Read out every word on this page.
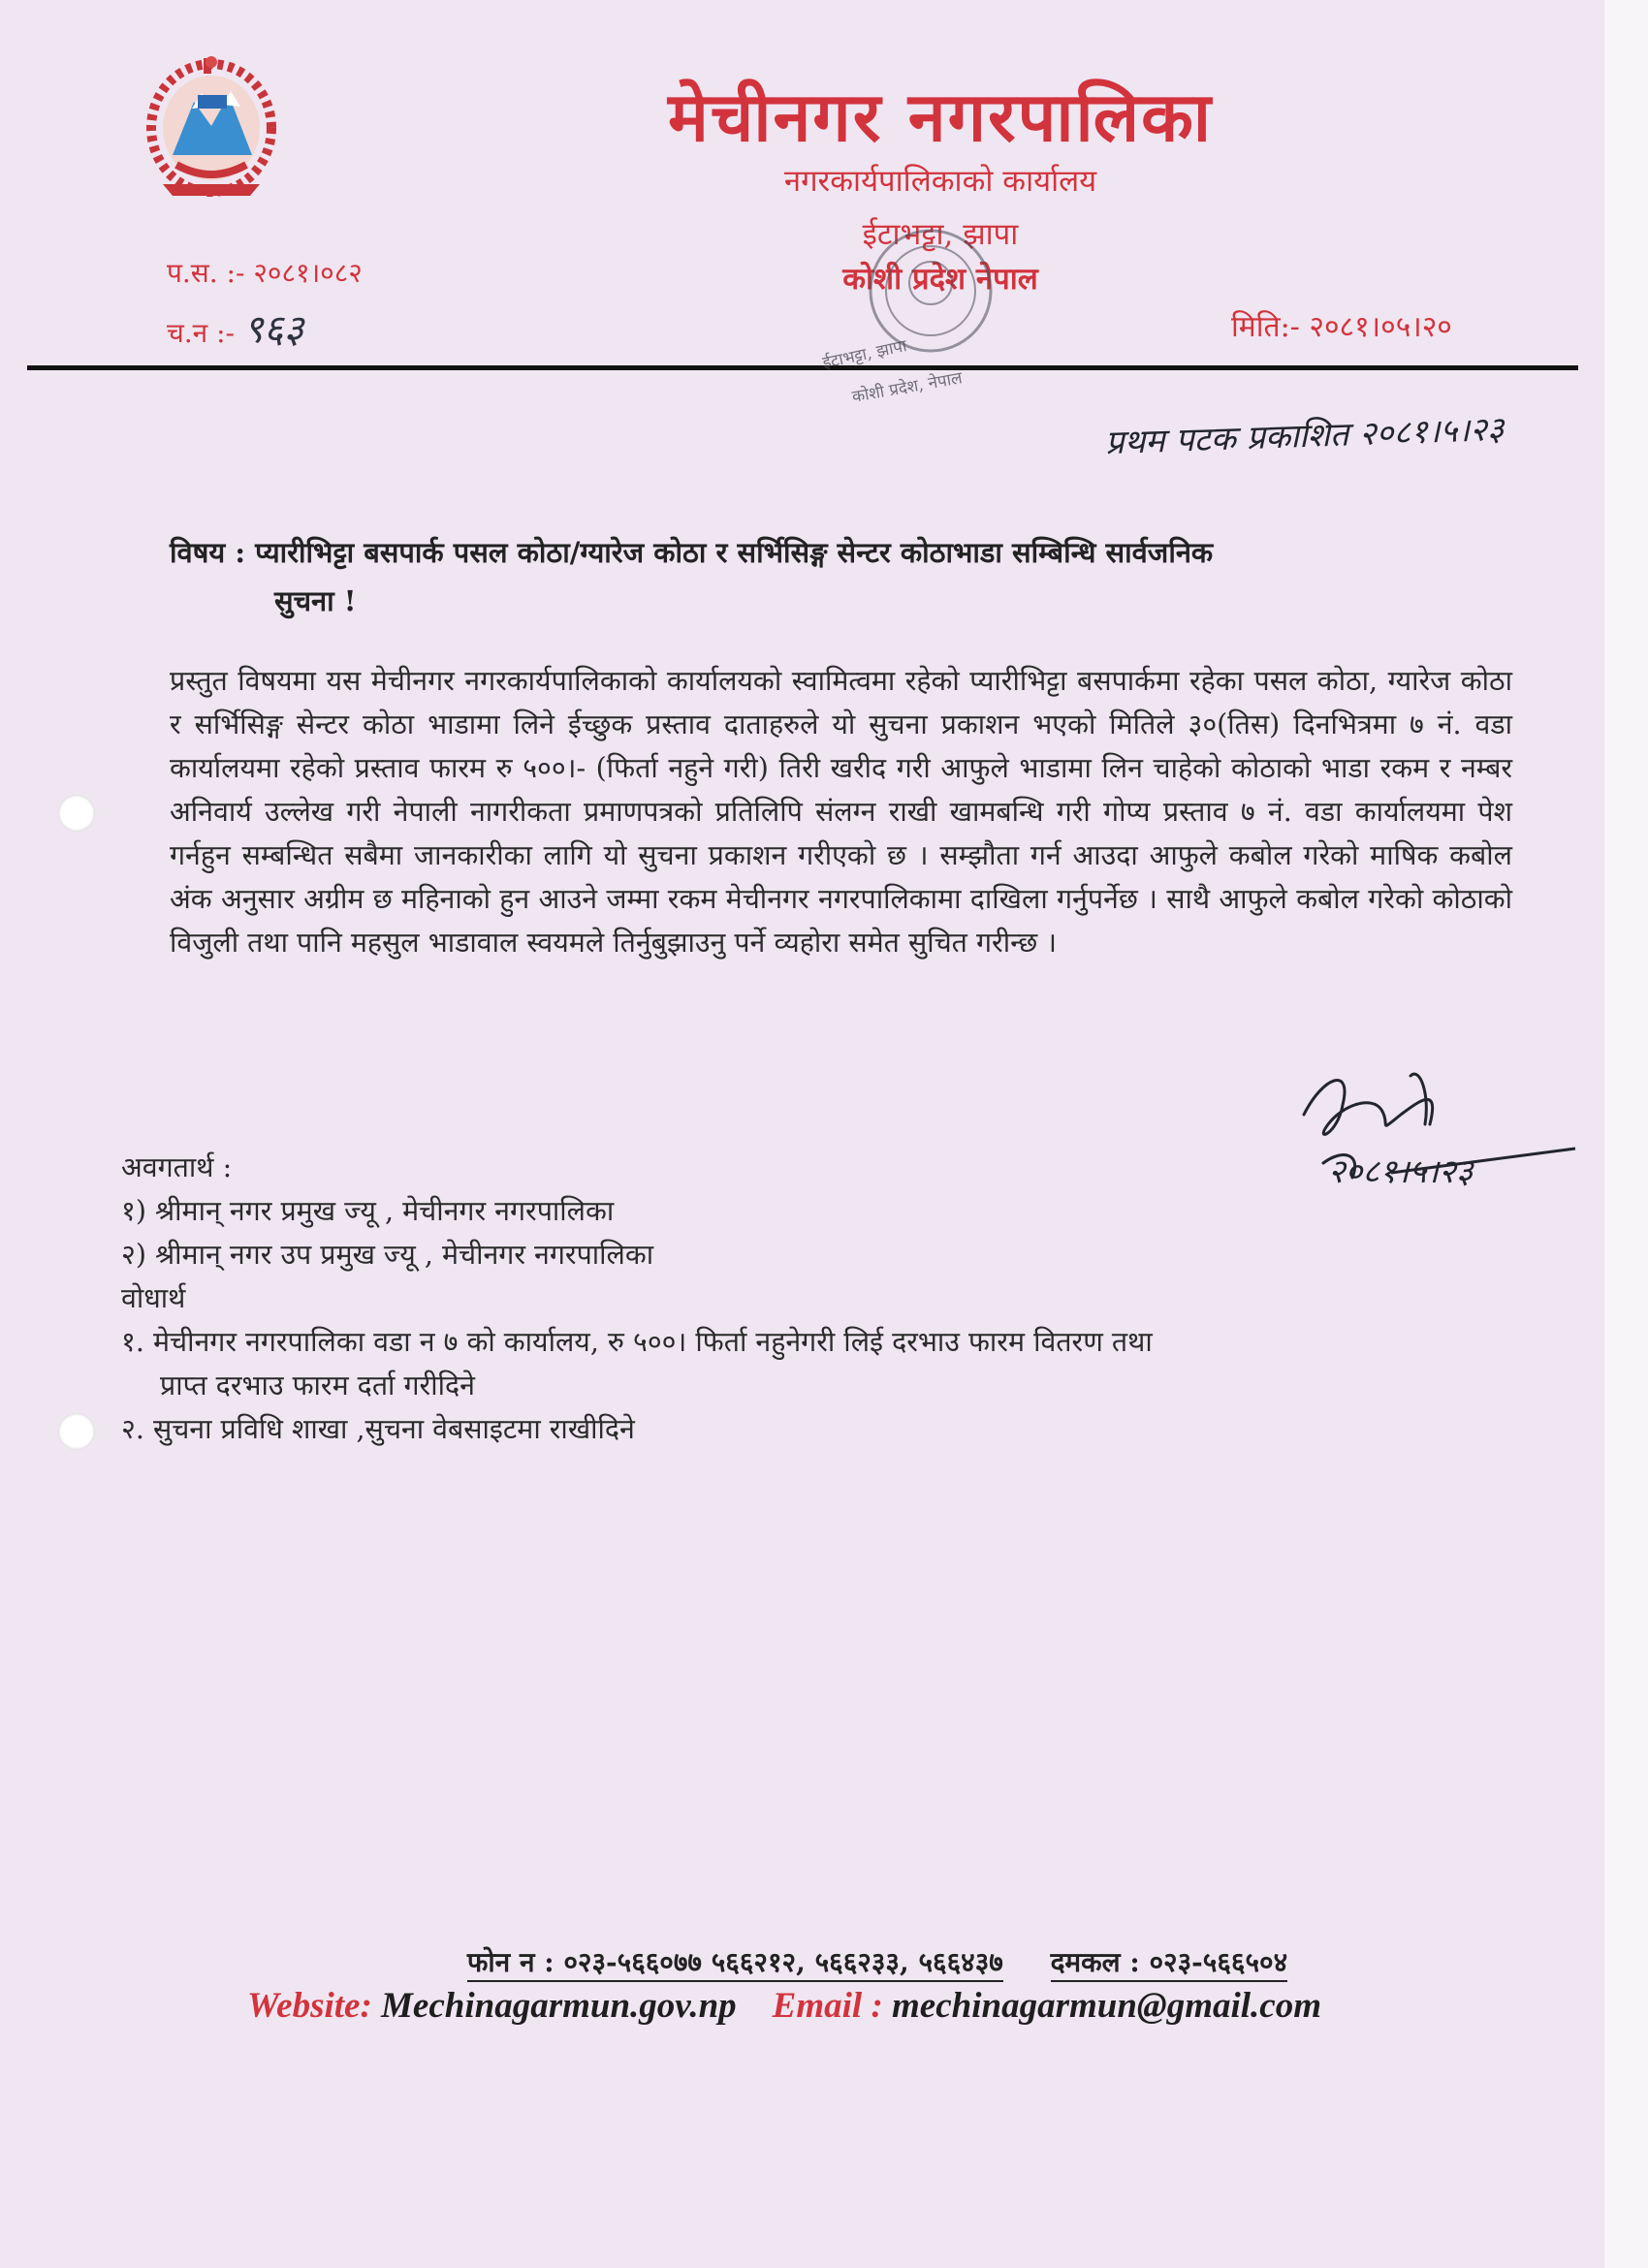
मेचीनगर नगरपालिका
नगरकार्यपालिकाको कार्यालय
ईटाभट्टा, झापा
कोशी प्रदेश नेपाल
प.स. :- २०८१।०८२
च.न :- ९६३	मिति:- २०८१।०५।२०
ईटाभट्टा, झापा
कोशी प्रदेश, नेपाल
प्रथम पटक प्रकाशित २०८१।५।२३
विषय : प्यारीभिट्टा बसपार्क पसल कोठा/ग्यारेज कोठा र सर्भिसिङ्ग सेन्टर कोठाभाडा सम्बिन्धि सार्वजनिक
सुचना !
प्रस्तुत विषयमा यस मेचीनगर नगरकार्यपालिकाको कार्यालयको स्वामित्वमा रहेको प्यारीभिट्टा बसपार्कमा रहेका पसल कोठा, ग्यारेज कोठा र सर्भिसिङ्ग सेन्टर कोठा भाडामा लिने ईच्छुक प्रस्ताव दाताहरुले यो सुचना प्रकाशन भएको मितिले ३०(तिस) दिनभित्रमा ७ नं. वडा कार्यालयमा रहेको प्रस्ताव फारम रु ५००।- (फिर्ता नहुने गरी) तिरी खरीद गरी आफुले भाडामा लिन चाहेको कोठाको भाडा रकम र नम्बर अनिवार्य उल्लेख गरी नेपाली नागरीकता प्रमाणपत्रको प्रतिलिपि संलग्न राखी खामबन्धि गरी गोप्य प्रस्ताव ७ नं. वडा कार्यालयमा पेश गर्नहुन सम्बन्धित सबैमा जानकारीका लागि यो सुचना प्रकाशन गरीएको छ । सम्झौता गर्न आउदा आफुले कबोल गरेको माषिक कबोल अंक अनुसार अग्रीम छ महिनाको हुन आउने जम्मा रकम मेचीनगर नगरपालिकामा दाखिला गर्नुपर्नेछ । साथै आफुले कबोल गरेको कोठाको विजुली तथा पानि महसुल भाडावाल स्वयमले तिर्नुबुझाउनु पर्ने व्यहोरा समेत सुचित गरीन्छ ।
२०८१।५।२३
अवगतार्थ :
१) श्रीमान् नगर प्रमुख ज्यू , मेचीनगर नगरपालिका
२) श्रीमान् नगर उप प्रमुख ज्यू , मेचीनगर नगरपालिका
वोधार्थ
१. मेचीनगर नगरपालिका वडा न ७ को कार्यालय, रु ५००। फिर्ता नहुनेगरी लिई दरभाउ फारम वितरण तथा
प्राप्त दरभाउ फारम दर्ता गरीदिने
२. सुचना प्रविधि शाखा ,सुचना वेबसाइटमा राखीदिने
फोन न : ०२३-५६६०७७ ५६६२१२, ५६६२३३, ५६६४३७ दमकल : ०२३-५६६५०४
Website: Mechinagarmun.gov.np Email : mechinagarmun@gmail.com
